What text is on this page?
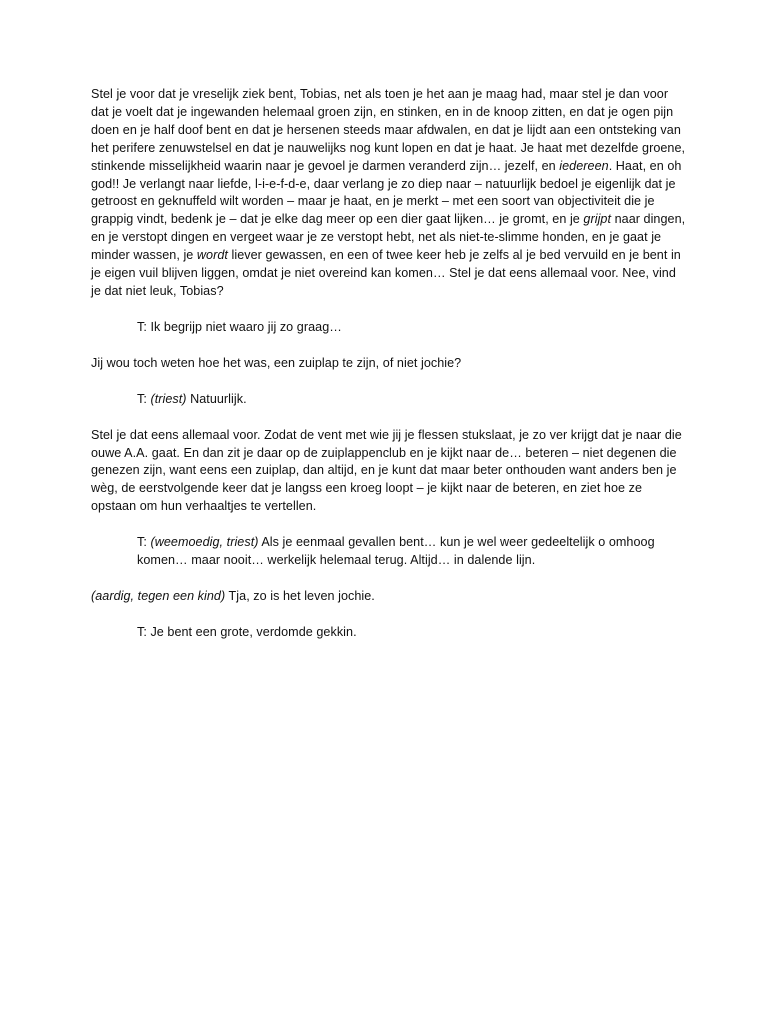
Stel je voor dat je vreselijk ziek bent, Tobias, net als toen je het aan je maag had, maar stel je dan voor dat je voelt dat je ingewanden helemaal groen zijn, en stinken, en in de knoop zitten, en dat je ogen pijn doen en je half doof bent en dat je hersenen steeds maar afdwalen, en dat je lijdt aan een ontsteking van het perifere zenuwstelsel en dat je nauwelijks nog kunt lopen en dat je haat. Je haat met dezelfde groene, stinkende misselijkheid waarin naar je gevoel je darmen veranderd zijn… jezelf, en iedereen. Haat, en oh god!! Je verlangt naar liefde, l-i-e-f-d-e, daar verlang je zo diep naar – natuurlijk bedoel je eigenlijk dat je getroost en geknuffeld wilt worden – maar je haat, en je merkt – met een soort van objectiviteit die je grappig vindt, bedenk je – dat je elke dag meer op een dier gaat lijken… je gromt, en je grijpt naar dingen, en je verstopt dingen en vergeet waar je ze verstopt hebt, net als niet-te-slimme honden, en je gaat je minder wassen, je wordt liever gewassen, en een of twee keer heb je zelfs al je bed vervuild en je bent in je eigen vuil blijven liggen, omdat je niet overeind kan komen… Stel je dat eens allemaal voor. Nee, vind je dat niet leuk, Tobias?

T: Ik begrijp niet waaro jij zo graag…

Jij wou toch weten hoe het was, een zuiplap te zijn, of niet jochie?

T: (triest) Natuurlijk.

Stel je dat eens allemaal voor. Zodat de vent met wie jij je flessen stukslaat, je zo ver krijgt dat je naar die ouwe A.A. gaat. En dan zit je daar op de zuiplappenclub en je kijkt naar de… beteren – niet degenen die genezen zijn, want eens een zuiplap, dan altijd, en je kunt dat maar beter onthouden want anders ben je wèg, de eerstvolgende keer dat je langss een kroeg loopt – je kijkt naar de beteren, en ziet hoe ze opstaan om hun verhaaltjes te vertellen.

T: (weemoedig, triest) Als je eenmaal gevallen bent… kun je wel weer gedeeltelijk o omhoog komen… maar nooit… werkelijk helemaal terug. Altijd… in dalende lijn.

(aardig, tegen een kind) Tja, zo is het leven jochie.

T: Je bent een grote, verdomde gekkin.
